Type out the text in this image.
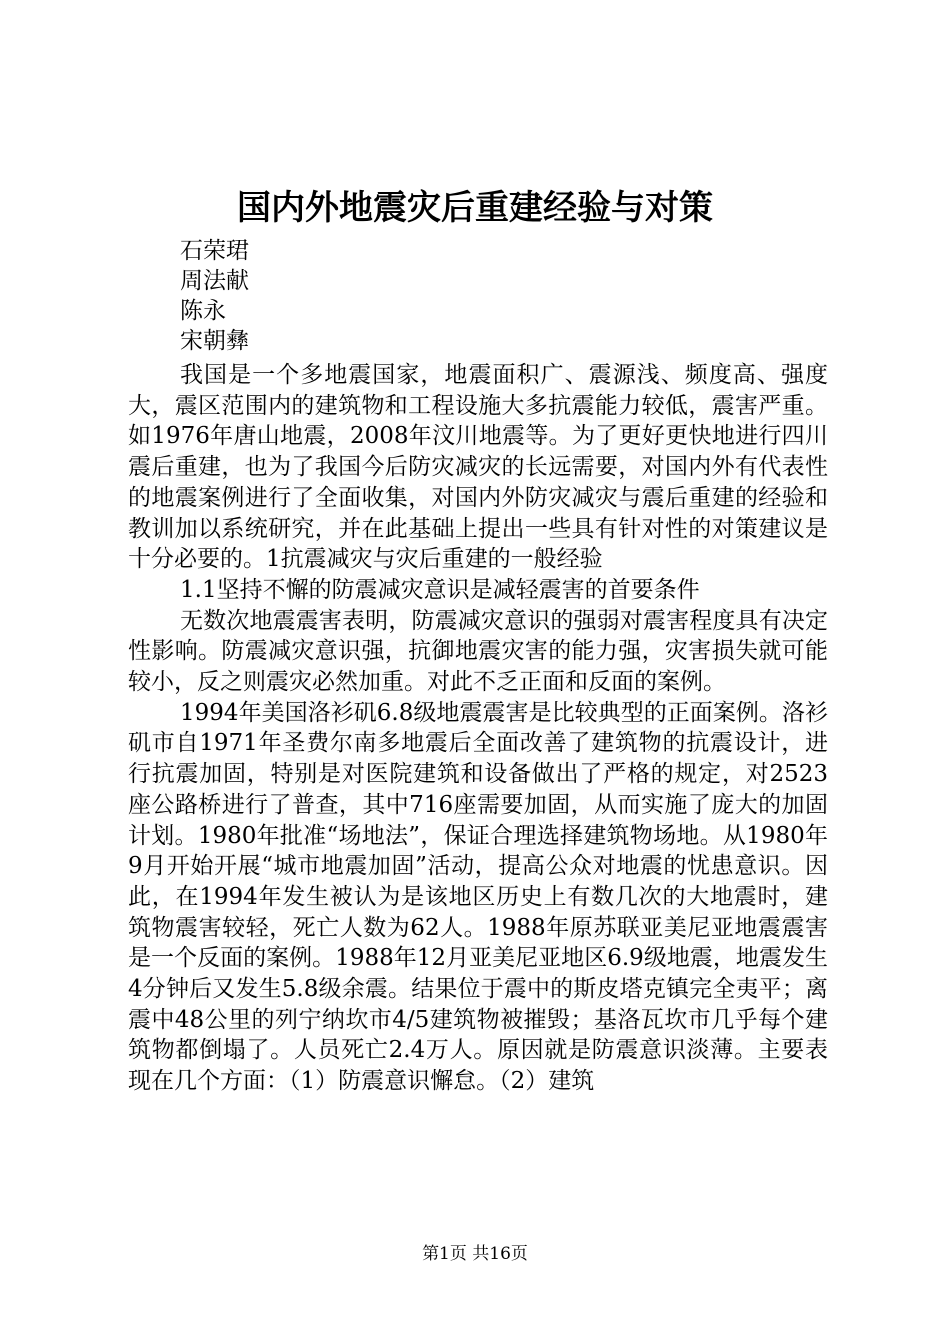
国内外地震灾后重建经验与对策
石荣珺
周法献
陈永
宋朝彝

我国是一个多地震国家，地震面积广、震源浅、频度高、强度大，震区范围内的建筑物和工程设施大多抗震能力较低，震害严重。如1976年唐山地震，2008年汶川地震等。为了更好更快地进行四川震后重建，也为了我国今后防灾减灾的长远需要，对国内外有代表性的地震案例进行了全面收集，对国内外防灾减灾与震后重建的经验和教训加以系统研究，并在此基础上提出一些具有针对性的对策建议是十分必要的。1抗震减灾与灾后重建的一般经验

1.1坚持不懈的防震减灾意识是减轻震害的首要条件

无数次地震震害表明，防震减灾意识的强弱对震害程度具有决定性影响。防震减灾意识强，抗御地震灾害的能力强，灾害损失就可能较小，反之则震灾必然加重。对此不乏正面和反面的案例。

1994年美国洛衫矶6.8级地震震害是比较典型的正面案例。洛衫矶市自1971年圣费尔南多地震后全面改善了建筑物的抗震设计，进行抗震加固，特别是对医院建筑和设备做出了严格的规定，对2523座公路桥进行了普查，其中716座需要加固，从而实施了庞大的加固计划。1980年批准“场地法”，保证合理选择建筑物场地。从1980年9月开始开展“城市地震加固”活动，提高公众对地震的忧患意识。因此，在1994年发生被认为是该地区历史上有数几次的大地震时，建筑物震害较轻，死亡人数为62人。1988年原苏联亚美尼亚地震震害是一个反面的案例。1988年12月亚美尼亚地区6.9级地震，地震发生4分钟后又发生5.8级余震。结果位于震中的斯皮塔克镇完全夷平；离震中48公里的列宁纳坎市4/5建筑物被摧毁；基洛瓦坎市几乎每个建筑物都倒塌了。人员死亡2.4万人。原因就是防震意识淡薄。主要表现在几个方面：（1）防震意识懈怠。（2）建筑

第1页 共16页
